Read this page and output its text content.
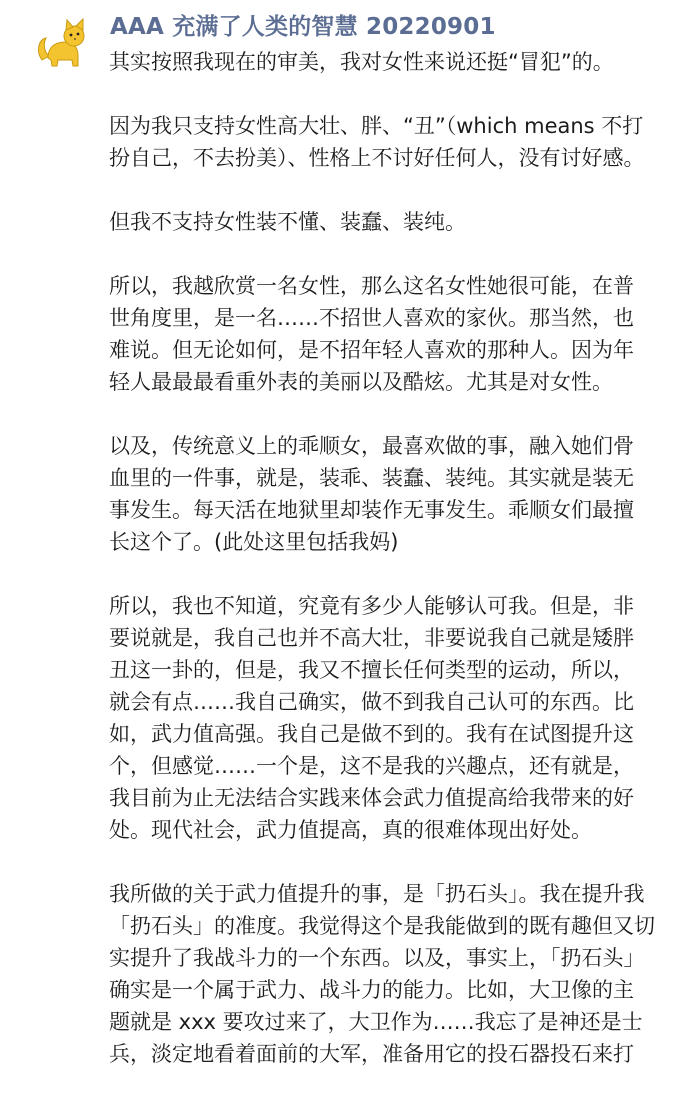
AAA 充满了人类的智慧 20220901
其实按照我现在的审美，我对女性来说还挺“冒犯”的。
因为我只支持女性高大壮、胖、“丑”（which means 不打
扮自己，不去扮美）、性格上不讨好任何人，没有讨好感。
但我不支持女性装不懂、装蠢、装纯。
所以，我越欣赏一名女性，那么这名女性她很可能，在普
世角度里，是一名……不招世人喜欢的家伙。那当然，也
难说。但无论如何，是不招年轻人喜欢的那种人。因为年
轻人最最最看重外表的美丽以及酷炫。尤其是对女性。
以及，传统意义上的乖顺女，最喜欢做的事，融入她们骨
血里的一件事，就是，装乖、装蠢、装纯。其实就是装无
事发生。每天活在地狱里却装作无事发生。乖顺女们最擅
长这个了。(此处这里包括我妈)
所以，我也不知道，究竟有多少人能够认可我。但是，非
要说就是，我自己也并不高大壮，非要说我自己就是矮胖
丑这一卦的，但是，我又不擅长任何类型的运动，所以，
就会有点……我自己确实，做不到我自己认可的东西。比
如，武力值高强。我自己是做不到的。我有在试图提升这
个，但感觉……一个是，这不是我的兴趣点，还有就是，
我目前为止无法结合实践来体会武力值提高给我带来的好
处。现代社会，武力值提高，真的很难体现出好处。
我所做的关于武力值提升的事，是「扔石头」。我在提升我
「扔石头」的准度。我觉得这个是我能做到的既有趣但又切
实提升了我战斗力的一个东西。以及，事实上，「扔石头」
确实是一个属于武力、战斗力的能力。比如，大卫像的主
题就是 xxx 要攻过来了，大卫作为……我忘了是神还是士
兵，淡定地看着面前的大军，准备用它的投石器投石来打
